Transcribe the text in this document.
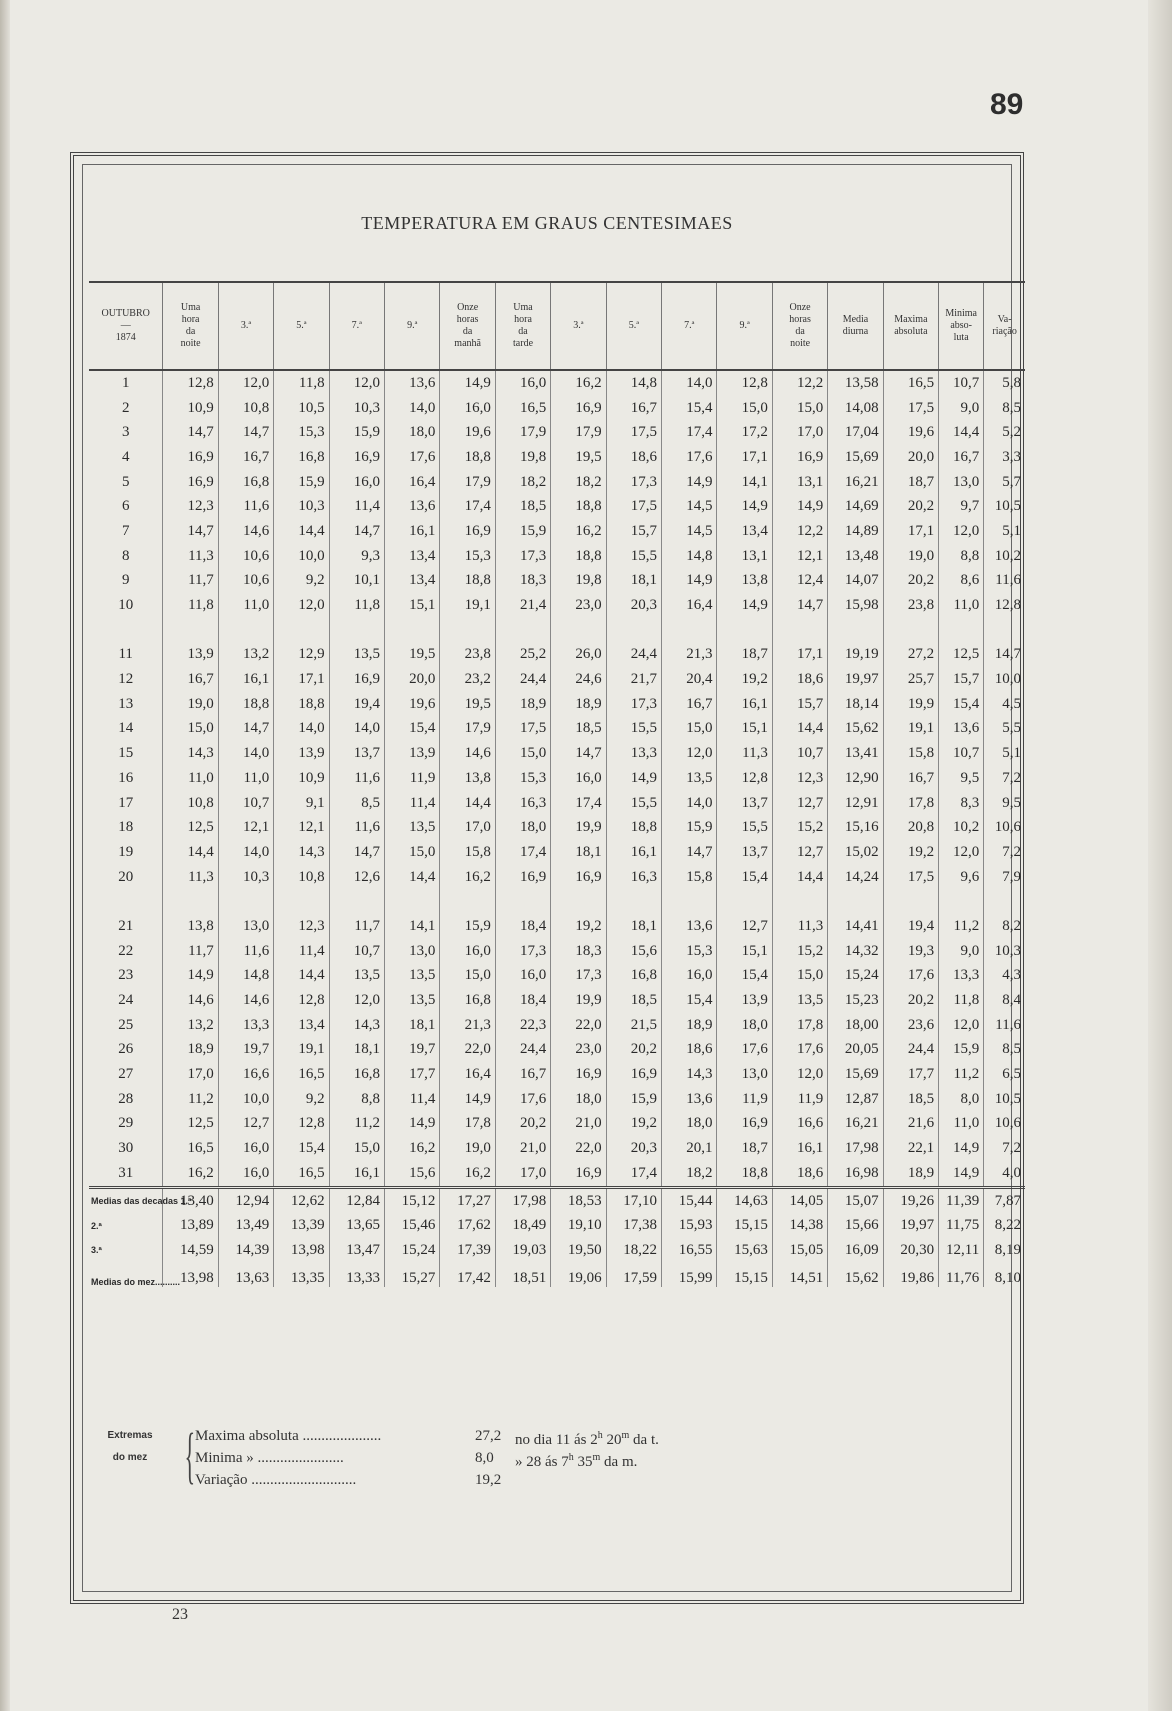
89
TEMPERATURA EM GRAUS CENTESIMAES
OUTUBRO
—
1874	Uma
hora
da
noite	3.ª	5.ª	7.ª	9.ª	Onze
horas
da
manhã	Uma
hora
da
tarde	3.ª	5.ª	7.ª	9.ª	Onze
horas
da
noite	Media
diurna	Maxima
absoluta	Minima
abso-
luta	Va-
riação
1	12,8	12,0	11,8	12,0	13,6	14,9	16,0	16,2	14,8	14,0	12,8	12,2	13,58	16,5	10,7	5,8
2	10,9	10,8	10,5	10,3	14,0	16,0	16,5	16,9	16,7	15,4	15,0	15,0	14,08	17,5	9,0	8,5
3	14,7	14,7	15,3	15,9	18,0	19,6	17,9	17,9	17,5	17,4	17,2	17,0	17,04	19,6	14,4	5,2
4	16,9	16,7	16,8	16,9	17,6	18,8	19,8	19,5	18,6	17,6	17,1	16,9	15,69	20,0	16,7	3,3
5	16,9	16,8	15,9	16,0	16,4	17,9	18,2	18,2	17,3	14,9	14,1	13,1	16,21	18,7	13,0	5,7
6	12,3	11,6	10,3	11,4	13,6	17,4	18,5	18,8	17,5	14,5	14,9	14,9	14,69	20,2	9,7	10,5
7	14,7	14,6	14,4	14,7	16,1	16,9	15,9	16,2	15,7	14,5	13,4	12,2	14,89	17,1	12,0	5,1
8	11,3	10,6	10,0	9,3	13,4	15,3	17,3	18,8	15,5	14,8	13,1	12,1	13,48	19,0	8,8	10,2
9	11,7	10,6	9,2	10,1	13,4	18,8	18,3	19,8	18,1	14,9	13,8	12,4	14,07	20,2	8,6	11,6
10	11,8	11,0	12,0	11,8	15,1	19,1	21,4	23,0	20,3	16,4	14,9	14,7	15,98	23,8	11,0	12,8

11	13,9	13,2	12,9	13,5	19,5	23,8	25,2	26,0	24,4	21,3	18,7	17,1	19,19	27,2	12,5	14,7
12	16,7	16,1	17,1	16,9	20,0	23,2	24,4	24,6	21,7	20,4	19,2	18,6	19,97	25,7	15,7	10,0
13	19,0	18,8	18,8	19,4	19,6	19,5	18,9	18,9	17,3	16,7	16,1	15,7	18,14	19,9	15,4	4,5
14	15,0	14,7	14,0	14,0	15,4	17,9	17,5	18,5	15,5	15,0	15,1	14,4	15,62	19,1	13,6	5,5
15	14,3	14,0	13,9	13,7	13,9	14,6	15,0	14,7	13,3	12,0	11,3	10,7	13,41	15,8	10,7	5,1
16	11,0	11,0	10,9	11,6	11,9	13,8	15,3	16,0	14,9	13,5	12,8	12,3	12,90	16,7	9,5	7,2
17	10,8	10,7	9,1	8,5	11,4	14,4	16,3	17,4	15,5	14,0	13,7	12,7	12,91	17,8	8,3	9,5
18	12,5	12,1	12,1	11,6	13,5	17,0	18,0	19,9	18,8	15,9	15,5	15,2	15,16	20,8	10,2	10,6
19	14,4	14,0	14,3	14,7	15,0	15,8	17,4	18,1	16,1	14,7	13,7	12,7	15,02	19,2	12,0	7,2
20	11,3	10,3	10,8	12,6	14,4	16,2	16,9	16,9	16,3	15,8	15,4	14,4	14,24	17,5	9,6	7,9

21	13,8	13,0	12,3	11,7	14,1	15,9	18,4	19,2	18,1	13,6	12,7	11,3	14,41	19,4	11,2	8,2
22	11,7	11,6	11,4	10,7	13,0	16,0	17,3	18,3	15,6	15,3	15,1	15,2	14,32	19,3	9,0	10,3
23	14,9	14,8	14,4	13,5	13,5	15,0	16,0	17,3	16,8	16,0	15,4	15,0	15,24	17,6	13,3	4,3
24	14,6	14,6	12,8	12,0	13,5	16,8	18,4	19,9	18,5	15,4	13,9	13,5	15,23	20,2	11,8	8,4
25	13,2	13,3	13,4	14,3	18,1	21,3	22,3	22,0	21,5	18,9	18,0	17,8	18,00	23,6	12,0	11,6
26	18,9	19,7	19,1	18,1	19,7	22,0	24,4	23,0	20,2	18,6	17,6	17,6	20,05	24,4	15,9	8,5
27	17,0	16,6	16,5	16,8	17,7	16,4	16,7	16,9	16,9	14,3	13,0	12,0	15,69	17,7	11,2	6,5
28	11,2	10,0	9,2	8,8	11,4	14,9	17,6	18,0	15,9	13,6	11,9	11,9	12,87	18,5	8,0	10,5
29	12,5	12,7	12,8	11,2	14,9	17,8	20,2	21,0	19,2	18,0	16,9	16,6	16,21	21,6	11,0	10,6
30	16,5	16,0	15,4	15,0	16,2	19,0	21,0	22,0	20,3	20,1	18,7	16,1	17,98	22,1	14,9	7,2
31	16,2	16,0	16,5	16,1	15,6	16,2	17,0	16,9	17,4	18,2	18,8	18,6	16,98	18,9	14,9	4,0
Medias das decadas 1.ª	13,40	12,94	12,62	12,84	15,12	17,27	17,98	18,53	17,10	15,44	14,63	14,05	15,07	19,26	11,39	7,87
2.ª	13,89	13,49	13,39	13,65	15,46	17,62	18,49	19,10	17,38	15,93	15,15	14,38	15,66	19,97	11,75	8,22
3.ª	14,59	14,39	13,98	13,47	15,24	17,39	19,03	19,50	18,22	16,55	15,63	15,05	16,09	20,30	12,11	8,19
Medias do mez..........	13,98	13,63	13,35	13,33	15,27	17,42	18,51	19,06	17,59	15,99	15,15	14,51	15,62	19,86	11,76	8,10
Extremas do mez { Maxima absoluta .....................	27,2 no dia 11 ás 2$^h$ 20$^m$ da t.
Minima » .......................	8,0 » 28 ás 7$^h$ 35$^m$ da m.
Variação ............................	19,2
23
